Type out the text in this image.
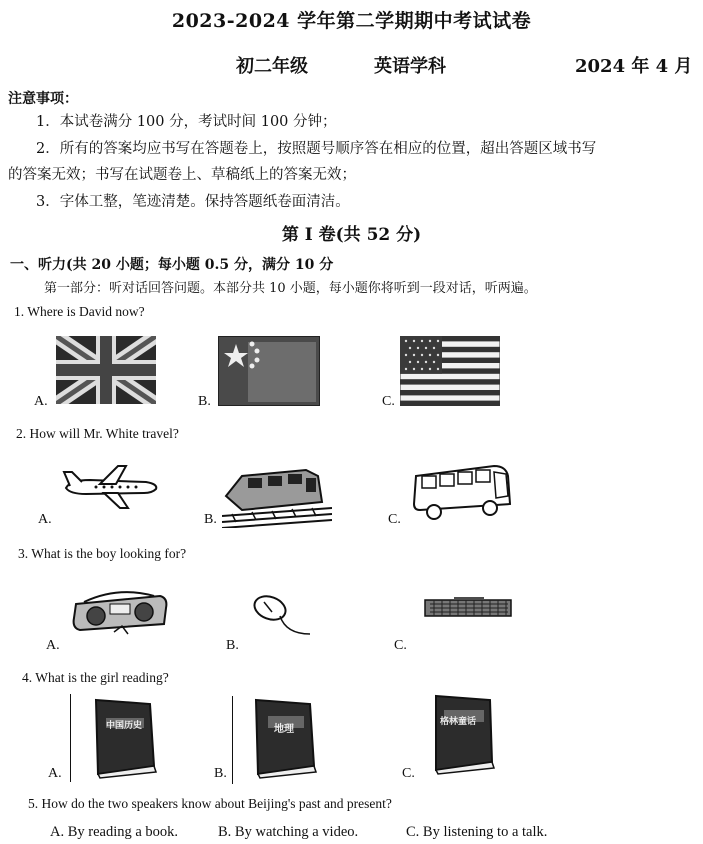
2023-2024 学年第二学期期中考试试卷
初二年级	英语学科	2024 年 4 月
注意事项：
1．本试卷满分 100 分，考试时间 100 分钟；
2．所有的答案均应书写在答题卷上，按照题号顺序答在相应的位置，超出答题区域书写
的答案无效；书写在试题卷上、草稿纸上的答案无效；
3．字体工整，笔迹清楚。保持答题纸卷面清洁。
第 I 卷(共 52 分)
一、听力(共 20 小题；每小题 0.5 分，满分 10 分
第一部分：听对话回答问题。本部分共 10 小题，每小题你将听到一段对话，听两遍。
1. Where is David now?
A.	B.	C.
2. How will Mr. White travel?
A.	B.	C.
3. What is the boy looking for?
A.	B.	C.
4. What is the girl reading?
中国历史
A.
地理
B.
格林童话
C.
5. How do the two speakers know about Beijing's past and present?
A. By reading a book.	B. By watching a video.	C. By listening to a talk.
